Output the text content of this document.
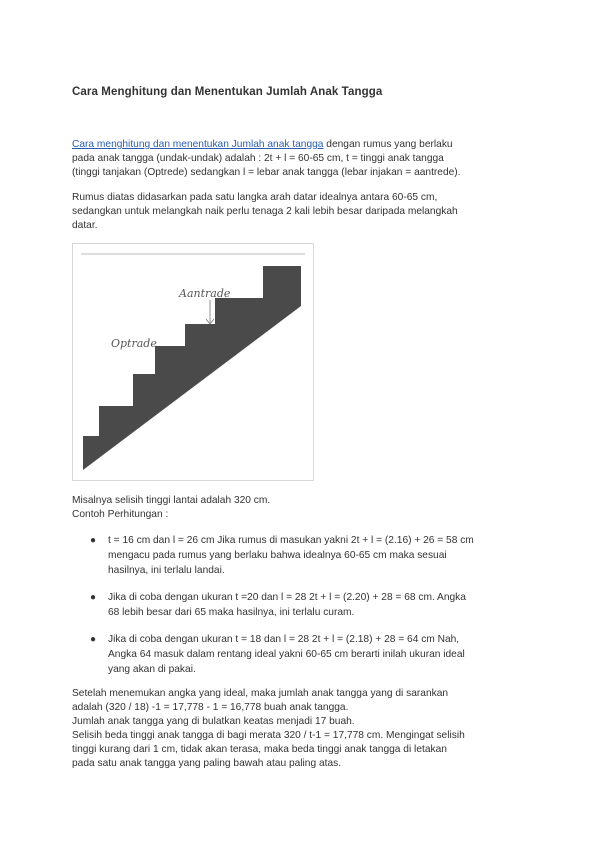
Cara Menghitung dan Menentukan Jumlah Anak Tangga
Cara menghitung dan menentukan Jumlah anak tangga dengan rumus yang berlaku
pada anak tangga (undak-undak) adalah : 2t + l = 60-65 cm, t = tinggi anak tangga
(tinggi tanjakan (Optrede) sedangkan l = lebar anak tangga (lebar injakan = aantrede).
Rumus diatas didasarkan pada satu langka arah datar idealnya antara 60-65 cm,
sedangkan untuk melangkah naik perlu tenaga 2 kali lebih besar daripada melangkah
datar.
Aantrade
Optrade
Misalnya selisih tinggi lantai adalah 320 cm.
Contoh Perhitungan :
● t = 16 cm dan l = 26 cm Jika rumus di masukan yakni 2t + l = (2.16) + 26 = 58 cm
mengacu pada rumus yang berlaku bahwa idealnya 60-65 cm maka sesuai
hasilnya, ini terlalu landai.
● Jika di coba dengan ukuran t =20 dan l = 28 2t + l = (2.20) + 28 = 68 cm. Angka
68 lebih besar dari 65 maka hasilnya, ini terlalu curam.
● Jika di coba dengan ukuran t = 18 dan l = 28 2t + l = (2.18) + 28 = 64 cm Nah,
Angka 64 masuk dalam rentang ideal yakni 60-65 cm berarti inilah ukuran ideal
yang akan di pakai.
Setelah menemukan angka yang ideal, maka jumlah anak tangga yang di sarankan
adalah (320 / 18) -1 = 17,778 - 1 = 16,778 buah anak tangga.
Jumlah anak tangga yang di bulatkan keatas menjadi 17 buah.
Selisih beda tinggi anak tangga di bagi merata 320 / t-1 = 17,778 cm. Mengingat selisih
tinggi kurang dari 1 cm, tidak akan terasa, maka beda tinggi anak tangga di letakan
pada satu anak tangga yang paling bawah atau paling atas.
